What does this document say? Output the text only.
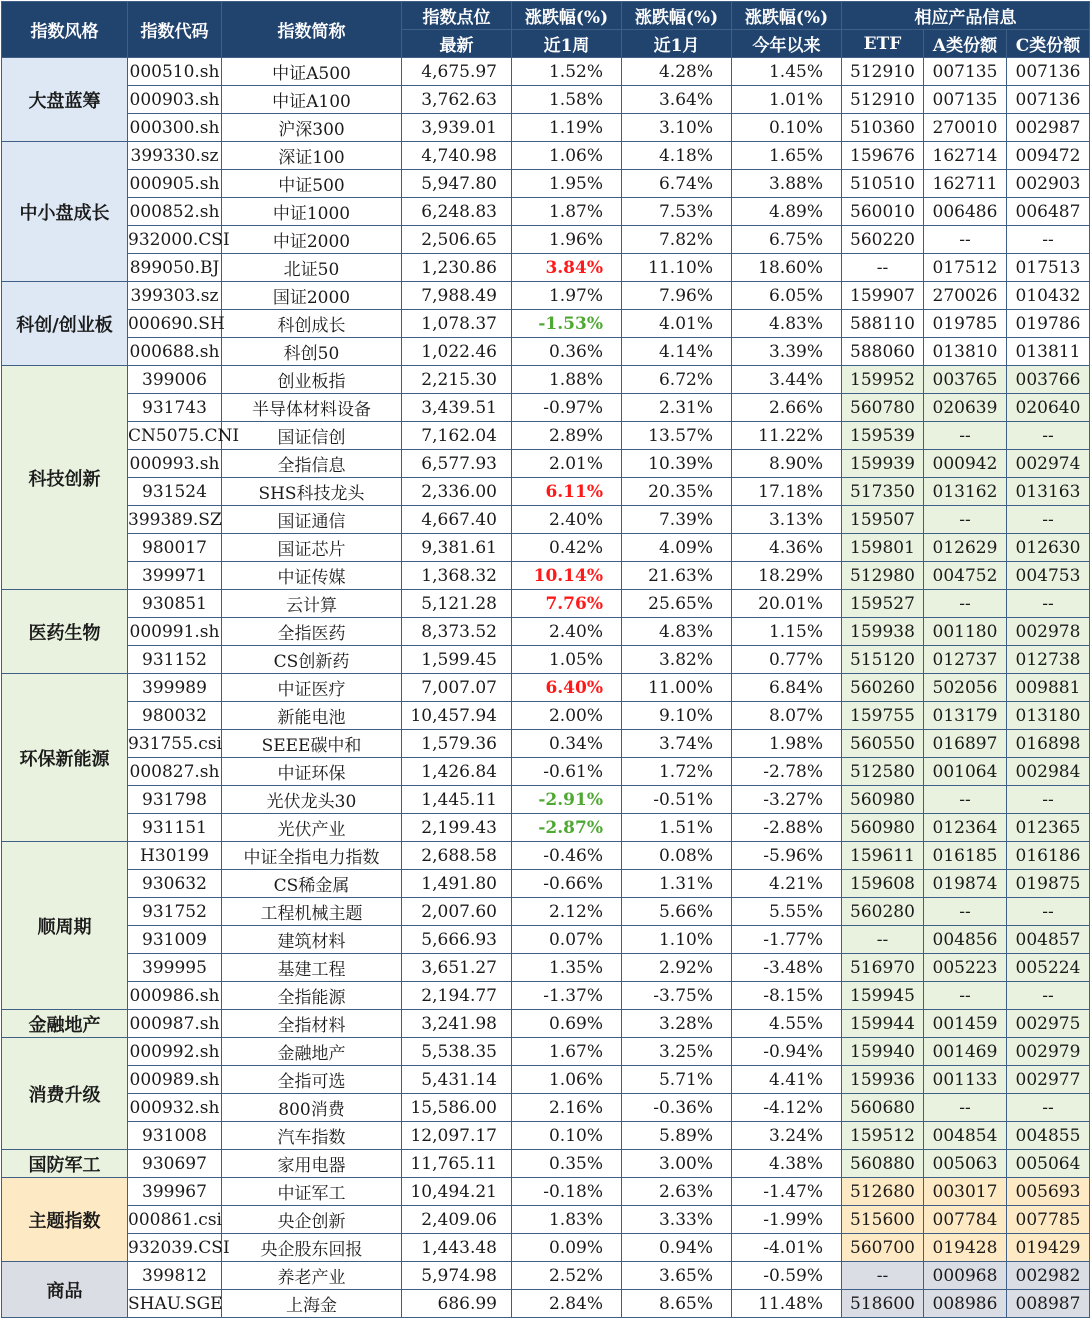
指数风格	指数代码	指数简称	指数点位	涨跌幅(%)	涨跌幅(%)	涨跌幅(%)	相应产品信息		
			最新	近1周	近1月	今年以来	ETF	A类份额	C类份额
大盘蓝筹	000510.sh	中证A500	4,675.97	1.52%	4.28%	1.45%	512910	007135	007136
	000903.sh	中证A100	3,762.63	1.58%	3.64%	1.01%	512910	007135	007136
	000300.sh	沪深300	3,939.01	1.19%	3.10%	0.10%	510360	270010	002987
中小盘成长	399330.sz	深证100	4,740.98	1.06%	4.18%	1.65%	159676	162714	009472
	000905.sh	中证500	5,947.80	1.95%	6.74%	3.88%	510510	162711	002903
	000852.sh	中证1000	6,248.83	1.87%	7.53%	4.89%	560010	006486	006487
	932000.CSI	中证2000	2,506.65	1.96%	7.82%	6.75%	560220	--	--
	899050.BJ	北证50	1,230.86	3.84%	11.10%	18.60%	--	017512	017513
科创/创业板	399303.sz	国证2000	7,988.49	1.97%	7.96%	6.05%	159907	270026	010432
	000690.SH	科创成长	1,078.37	-1.53%	4.01%	4.83%	588110	019785	019786
	000688.sh	科创50	1,022.46	0.36%	4.14%	3.39%	588060	013810	013811
科技创新	399006	创业板指	2,215.30	1.88%	6.72%	3.44%	159952	003765	003766
	931743	半导体材料设备	3,439.51	-0.97%	2.31%	2.66%	560780	020639	020640
	CN5075.CNI	国证信创	7,162.04	2.89%	13.57%	11.22%	159539	--	--
	000993.sh	全指信息	6,577.93	2.01%	10.39%	8.90%	159939	000942	002974
	931524	SHS科技龙头	2,336.00	6.11%	20.35%	17.18%	517350	013162	013163
	399389.SZ	国证通信	4,667.40	2.40%	7.39%	3.13%	159507	--	--
	980017	国证芯片	9,381.61	0.42%	4.09%	4.36%	159801	012629	012630
	399971	中证传媒	1,368.32	10.14%	21.63%	18.29%	512980	004752	004753
医药生物	930851	云计算	5,121.28	7.76%	25.65%	20.01%	159527	--	--
	000991.sh	全指医药	8,373.52	2.40%	4.83%	1.15%	159938	001180	002978
	931152	CS创新药	1,599.45	1.05%	3.82%	0.77%	515120	012737	012738
环保新能源	399989	中证医疗	7,007.07	6.40%	11.00%	6.84%	560260	502056	009881
	980032	新能电池	10,457.94	2.00%	9.10%	8.07%	159755	013179	013180
	931755.csi	SEEE碳中和	1,579.36	0.34%	3.74%	1.98%	560550	016897	016898
	000827.sh	中证环保	1,426.84	-0.61%	1.72%	-2.78%	512580	001064	002984
	931798	光伏龙头30	1,445.11	-2.91%	-0.51%	-3.27%	560980	--	--
	931151	光伏产业	2,199.43	-2.87%	1.51%	-2.88%	560980	012364	012365
顺周期	H30199	中证全指电力指数	2,688.58	-0.46%	0.08%	-5.96%	159611	016185	016186
	930632	CS稀金属	1,491.80	-0.66%	1.31%	4.21%	159608	019874	019875
	931752	工程机械主题	2,007.60	2.12%	5.66%	5.55%	560280	--	--
	931009	建筑材料	5,666.93	0.07%	1.10%	-1.77%	--	004856	004857
	399995	基建工程	3,651.27	1.35%	2.92%	-3.48%	516970	005223	005224
	000986.sh	全指能源	2,194.77	-1.37%	-3.75%	-8.15%	159945	--	--
金融地产	000987.sh	全指材料	3,241.98	0.69%	3.28%	4.55%	159944	001459	002975
消费升级	000992.sh	金融地产	5,538.35	1.67%	3.25%	-0.94%	159940	001469	002979
	000989.sh	全指可选	5,431.14	1.06%	5.71%	4.41%	159936	001133	002977
	000932.sh	800消费	15,586.00	2.16%	-0.36%	-4.12%	560680	--	--
	931008	汽车指数	12,097.17	0.10%	5.89%	3.24%	159512	004854	004855
国防军工	930697	家用电器	11,765.11	0.35%	3.00%	4.38%	560880	005063	005064
主题指数	399967	中证军工	10,494.21	-0.18%	2.63%	-1.47%	512680	003017	005693
	000861.csi	央企创新	2,409.06	1.83%	3.33%	-1.99%	515600	007784	007785
	932039.CSI	央企股东回报	1,443.48	0.09%	0.94%	-4.01%	560700	019428	019429
商品	399812	养老产业	5,974.98	2.52%	3.65%	-0.59%	--	000968	002982
	SHAU.SGE	上海金	686.99	2.84%	8.65%	11.48%	518600	008986	008987
